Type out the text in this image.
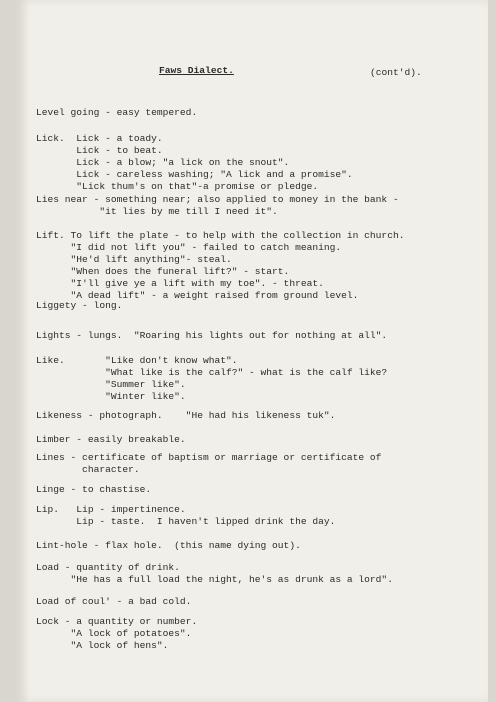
Faws Dialect.	(cont'd).
Level going - easy tempered.
Lick.  Lick - a toady.
Lick - to beat.
Lick - a blow; "a lick on the snout".
Lick - careless washing; "A lick and a promise".
"Lick thum's on that"-a promise or pledge.
Lies near - something near; also applied to money in the bank -
"it lies by me till I need it".
Lift. To lift the plate - to help with the collection in church.
"I did not lift you" - failed to catch meaning.
"He'd lift anything"- steal.
"When does the funeral lift?" - start.
"I'll give ye a lift with my toe". - threat.
"A dead lift" - a weight raised from ground level.
Liggety - long.
Lights - lungs.  "Roaring his lights out for nothing at all".
Like.       "Like don't know what".
"What like is the calf?" - what is the calf like?
"Summer like".
"Winter like".
Likeness - photograph.    "He had his likeness tuk".
Limber - easily breakable.
Lines - certificate of baptism or marriage or certificate of
character.
Linge - to chastise.
Lip.   Lip - impertinence.
Lip - taste.  I haven't lipped drink the day.
Lint-hole - flax hole.  (this name dying out).
Load - quantity of drink.
"He has a full load the night, he's as drunk as a lord".
Load of coul' - a bad cold.
Lock - a quantity or number.
"A lock of potatoes".
"A lock of hens".
